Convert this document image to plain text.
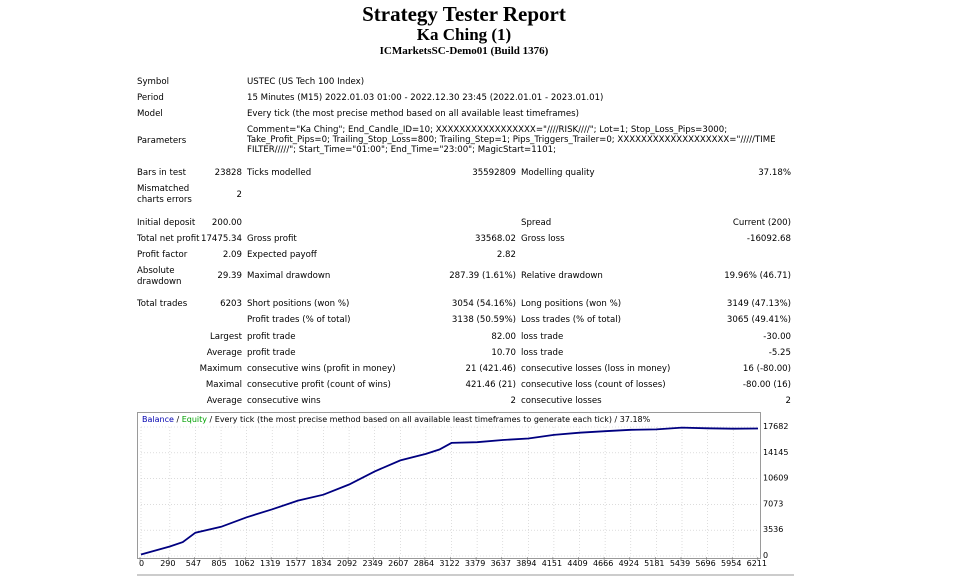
Strategy Tester Report
Ka Ching (1)
ICMarketsSC-Demo01 (Build 1376)
Symbol	USTEC (US Tech 100 Index)
Period	15 Minutes (M15) 2022.01.03 01:00 - 2022.12.30 23:45 (2022.01.01 - 2023.01.01)
Model	Every tick (the most precise method based on all available least timeframes)
Parameters
Comment="Ka Ching"; End_Candle_ID=10; XXXXXXXXXXXXXXXXX="////RISK////"; Lot=1; Stop_Loss_Pips=3000; Take_Profit_Pips=0; Trailing_Stop_Loss=800; Trailing_Step=1; Pips_Triggers_Trailer=0; XXXXXXXXXXXXXXXXXXX="/////TIME FILTER/////"; Start_Time="01:00"; End_Time="23:00"; MagicStart=1101;
Bars in test	23828 Ticks modelled	35592809 Modelling quality	37.18%
Mismatched
charts errors	2
Initial deposit	200.00	Spread	Current (200)
Total net profit 17475.34 Gross profit	33568.02 Gross loss	-16092.68
Profit factor	2.09 Expected payoff	2.82
Absolute
drawdown
29.39 Maximal drawdown	287.39 (1.61%) Relative drawdown	19.96% (46.71)
Total trades	6203 Short positions (won %)	3054 (54.16%) Long positions (won %)	3149 (47.13%)
Profit trades (% of total)	3138 (50.59%) Loss trades (% of total)	3065 (49.41%)
Largest profit trade	82.00 loss trade	-30.00
Average profit trade	10.70 loss trade	-5.25
Maximum consecutive wins (profit in money)	21 (421.46) consecutive losses (loss in money)	16 (-80.00)
Maximal consecutive profit (count of wins)	421.46 (21) consecutive loss (count of losses)	-80.00 (16)
Average consecutive wins	2 consecutive losses	2
Balance / Equity / Every tick (the most precise method based on all available least timeframes to generate each tick) / 37.18%
0 290 547 805 1062 1319 1577 1834 2092 2349 2607 2864 3122 3379 3637 3894 4151 4409 4666 4924 5181 5439 5696 5954 6211
0
3536
7073
10609
14145
17682
